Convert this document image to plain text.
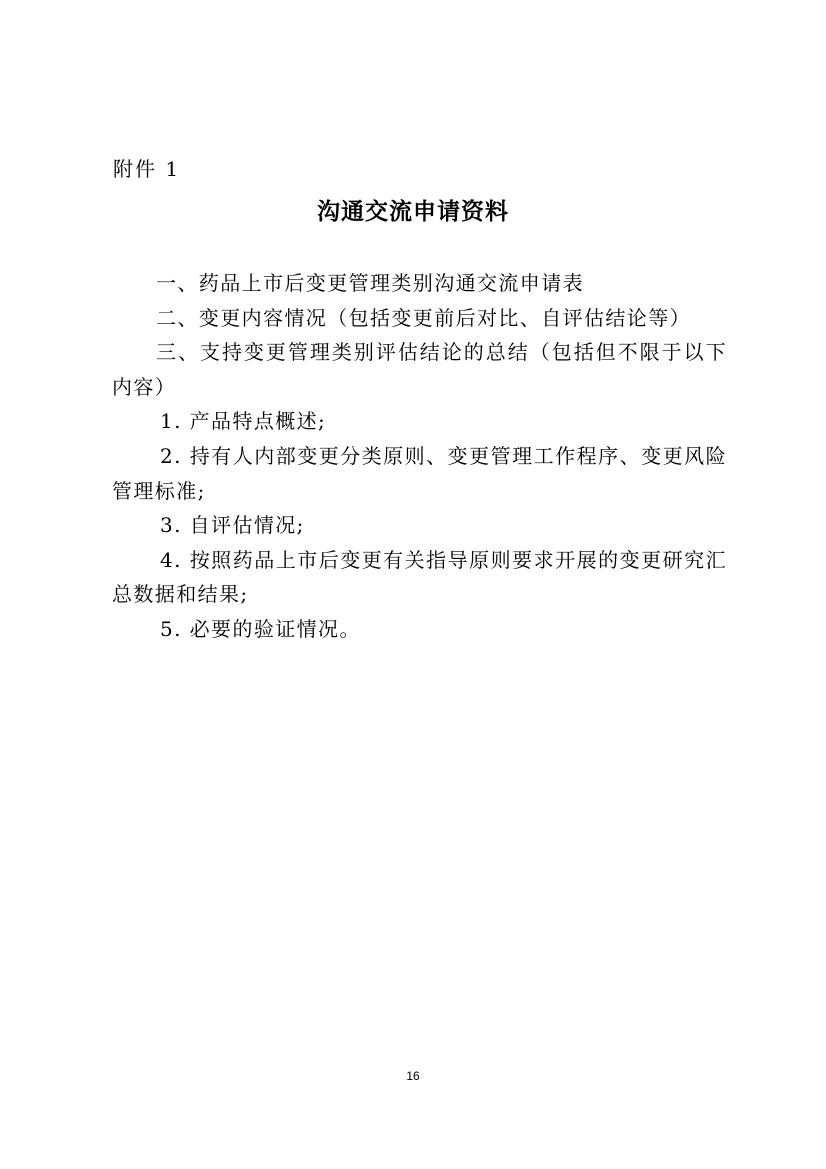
附件 1
沟通交流申请资料

一、药品上市后变更管理类别沟通交流申请表

二、变更内容情况（包括变更前后对比、自评估结论等）

三、支持变更管理类别评估结论的总结（包括但不限于以下内容）

1. 产品特点概述;

2. 持有人内部变更分类原则、变更管理工作程序、变更风险管理标准;

3. 自评估情况;

4. 按照药品上市后变更有关指导原则要求开展的变更研究汇总数据和结果;

5. 必要的验证情况。

16
